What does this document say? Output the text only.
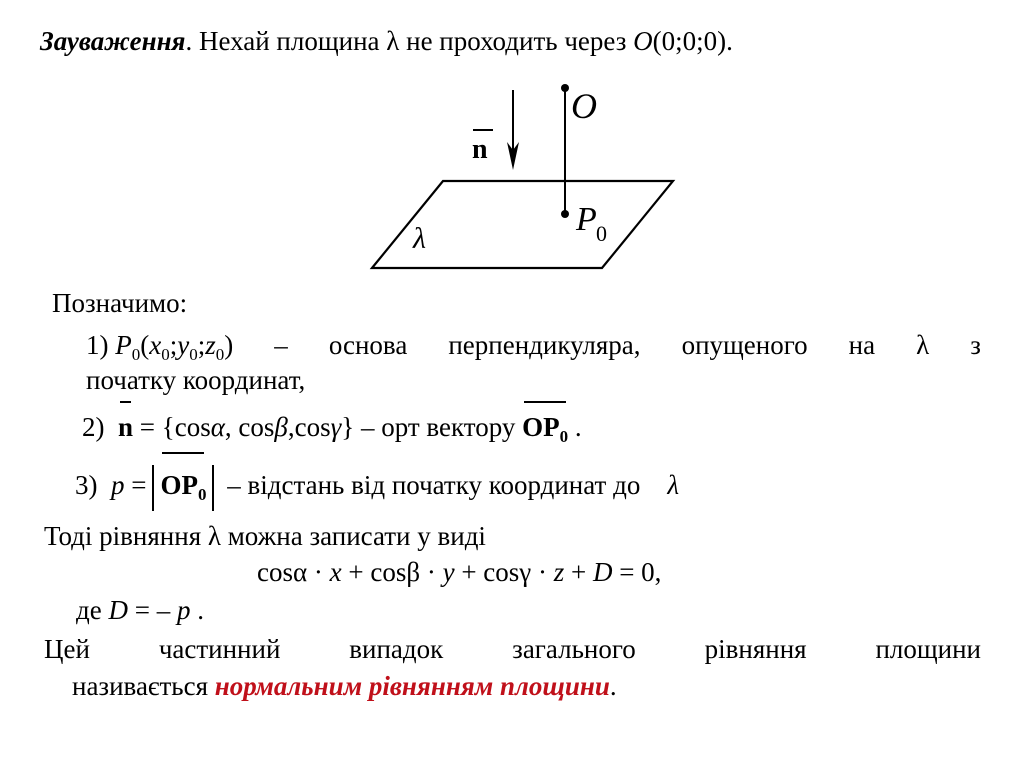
Зауваження. Нехай площина λ не проходить через O(0;0;0).
O
n
P 0
λ
Позначимо:
1) $P_0(x_0;y_0;z_0)$ – основа перпендикуляра, опущеного на λ з
початку координат,
2) n = {cosα, cosβ,cosγ} – орт вектору $OP_0$ .
3) $p = OP_0$ – відстань від початку координат до    λ
Тоді рівняння λ можна записати у виді
cosα · x + cosβ · y + cosγ · z + D = 0,
де D = – p .
Цей	частинний	випадок	загального	рівняння	площини
називається нормальним рівнянням площини.
